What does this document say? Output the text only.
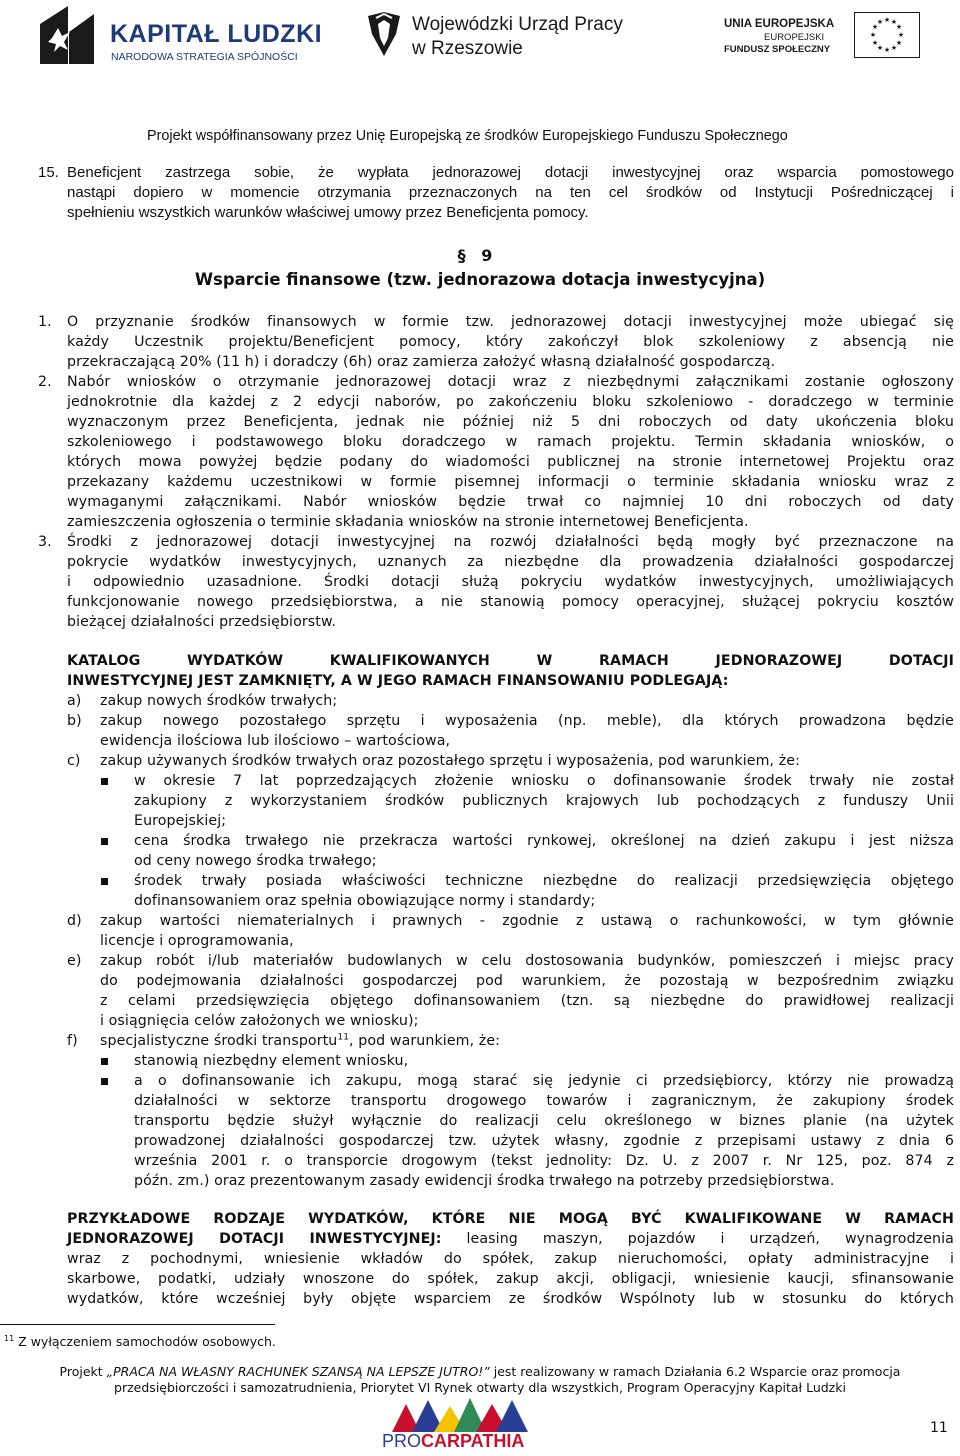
KAPITAŁ LUDZKI
NARODOWA STRATEGIA SPÓJNOŚCI
Wojewódzki Urząd Pracy
w Rzeszowie
UNIA EUROPEJSKA
EUROPEJSKI
FUNDUSZ SPOŁECZNY
★ ★
★
★
★
★
★
★
★
★
★
★
Projekt współfinansowany przez Unię Europejską ze środków Europejskiego Funduszu Społecznego
15. Beneficjent zastrzega sobie, że wypłata jednorazowej dotacji inwestycyjnej oraz wsparcia pomostowego
nastąpi dopiero w momencie otrzymania przeznaczonych na ten cel środków od Instytucji Pośredniczącej i
spełnieniu wszystkich warunków właściwej umowy przez Beneficjenta pomocy.
§ 9
Wsparcie finansowe (tzw. jednorazowa dotacja inwestycyjna)
1. O przyznanie środków finansowych w formie tzw. jednorazowej dotacji inwestycyjnej może ubiegać się
każdy Uczestnik projektu/Beneficjent pomocy, który zakończył blok szkoleniowy z absencją nie
przekraczającą 20% (11 h) i doradczy (6h) oraz zamierza założyć własną działalność gospodarczą.
2. Nabór wniosków o otrzymanie jednorazowej dotacji wraz z niezbędnymi załącznikami zostanie ogłoszony
jednokrotnie dla każdej z 2 edycji naborów, po zakończeniu bloku szkoleniowo - doradczego w terminie
wyznaczonym przez Beneficjenta, jednak nie później niż 5 dni roboczych od daty ukończenia bloku
szkoleniowego i podstawowego bloku doradczego w ramach projektu. Termin składania wniosków, o
których mowa powyżej będzie podany do wiadomości publicznej na stronie internetowej Projektu oraz
przekazany każdemu uczestnikowi w formie pisemnej informacji o terminie składania wniosku wraz z
wymaganymi załącznikami. Nabór wniosków będzie trwał co najmniej 10 dni roboczych od daty
zamieszczenia ogłoszenia o terminie składania wniosków na stronie internetowej Beneficjenta.
3. Środki z jednorazowej dotacji inwestycyjnej na rozwój działalności będą mogły być przeznaczone na
pokrycie wydatków inwestycyjnych, uznanych za niezbędne dla prowadzenia działalności gospodarczej
i odpowiednio uzasadnione. Środki dotacji służą pokryciu wydatków inwestycyjnych, umożliwiających
funkcjonowanie nowego przedsiębiorstwa, a nie stanowią pomocy operacyjnej, służącej pokryciu kosztów
bieżącej działalności przedsiębiorstw.
KATALOG WYDATKÓW KWALIFIKOWANYCH W RAMACH JEDNORAZOWEJ DOTACJI
INWESTYCYJNEJ JEST ZAMKNIĘTY, A W JEGO RAMACH FINANSOWANIU PODLEGAJĄ:
a) zakup nowych środków trwałych;
b) zakup nowego pozostałego sprzętu i wyposażenia (np. meble), dla których prowadzona będzie
ewidencja ilościowa lub ilościowo – wartościowa,
c) zakup używanych środków trwałych oraz pozostałego sprzętu i wyposażenia, pod warunkiem, że:
w okresie 7 lat poprzedzających złożenie wniosku o dofinansowanie środek trwały nie został
zakupiony z wykorzystaniem środków publicznych krajowych lub pochodzących z funduszy Unii
Europejskiej;
cena środka trwałego nie przekracza wartości rynkowej, określonej na dzień zakupu i jest niższa
od ceny nowego środka trwałego;
środek trwały posiada właściwości techniczne niezbędne do realizacji przedsięwzięcia objętego
dofinansowaniem oraz spełnia obowiązujące normy i standardy;
d) zakup wartości niematerialnych i prawnych - zgodnie z ustawą o rachunkowości, w tym głównie
licencje i oprogramowania,
e) zakup robót i/lub materiałów budowlanych w celu dostosowania budynków, pomieszczeń i miejsc pracy
do podejmowania działalności gospodarczej pod warunkiem, że pozostają w bezpośrednim związku
z celami przedsięwzięcia objętego dofinansowaniem (tzn. są niezbędne do prawidłowej realizacji
i osiągnięcia celów założonych we wniosku);
f) specjalistyczne środki transportu$^{11}$, pod warunkiem, że:
stanowią niezbędny element wniosku,
a o dofinansowanie ich zakupu, mogą starać się jedynie ci przedsiębiorcy, którzy nie prowadzą
działalności w sektorze transportu drogowego towarów i zagranicznym, że zakupiony środek
transportu będzie służył wyłącznie do realizacji celu określonego w biznes planie (na użytek
prowadzonej działalności gospodarczej tzw. użytek własny, zgodnie z przepisami ustawy z dnia 6
września 2001 r. o transporcie drogowym (tekst jednolity: Dz. U. z 2007 r. Nr 125, poz. 874 z
późn. zm.) oraz prezentowanym zasady ewidencji środka trwałego na potrzeby przedsiębiorstwa.
PRZYKŁADOWE RODZAJE WYDATKÓW, KTÓRE NIE MOGĄ BYĆ KWALIFIKOWANE W RAMACH
JEDNORAZOWEJ DOTACJI INWESTYCYJNEJ: leasing maszyn, pojazdów i urządzeń, wynagrodzenia
wraz z pochodnymi, wniesienie wkładów do spółek, zakup nieruchomości, opłaty administracyjne i
skarbowe, podatki, udziały wnoszone do spółek, zakup akcji, obligacji, wniesienie kaucji, sfinansowanie
wydatków, które wcześniej były objęte wsparciem ze środków Wspólnoty lub w stosunku do których
$^{11}$ Z wyłączeniem samochodów osobowych.
Projekt „PRACA NA WŁASNY RACHUNEK SZANSĄ NA LEPSZE JUTRO!” jest realizowany w ramach Działania 6.2 Wsparcie oraz promocja
przedsiębiorczości i samozatrudnienia, Priorytet VI Rynek otwarty dla wszystkich, Program Operacyjny Kapitał Ludzki
PROCARPATHIA
11
